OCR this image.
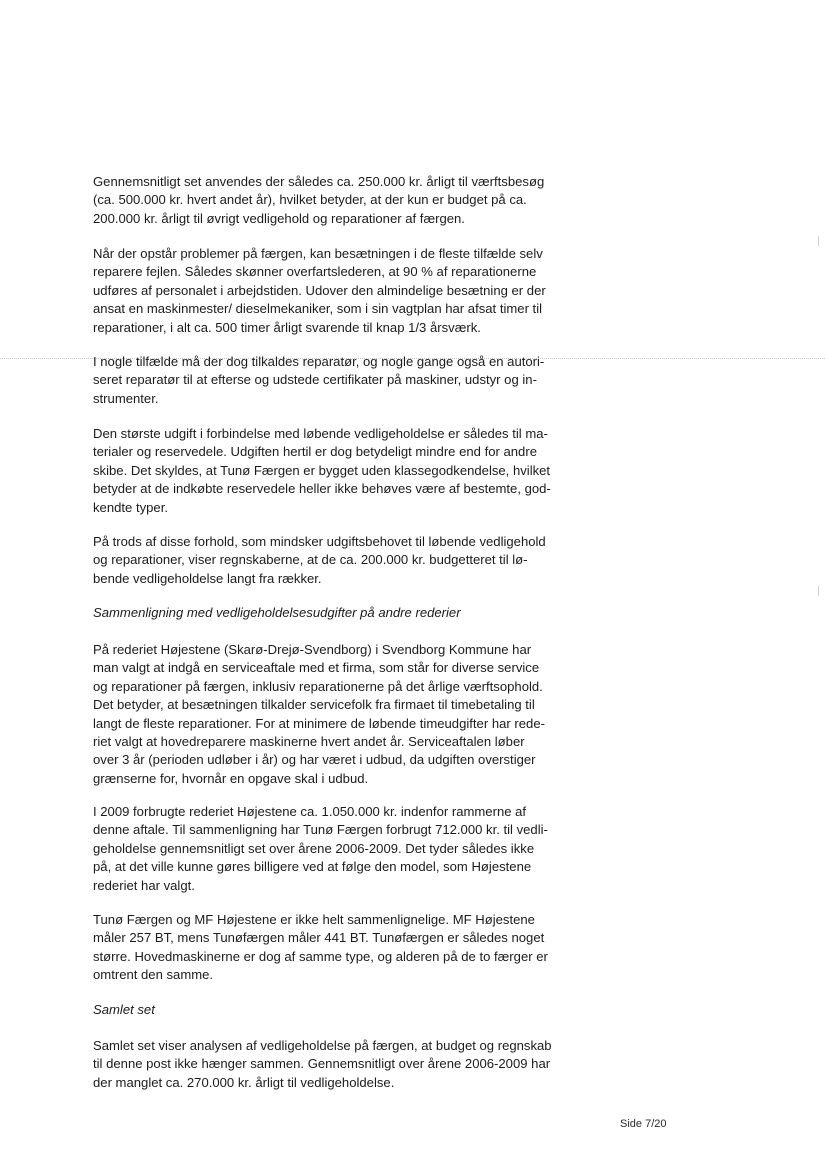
Gennemsnitligt set anvendes der således ca. 250.000 kr. årligt til værftsbesøg
(ca. 500.000 kr. hvert andet år), hvilket betyder, at der kun er budget på ca.
200.000 kr. årligt til øvrigt vedligehold og reparationer af færgen.

Når der opstår problemer på færgen, kan besætningen i de fleste tilfælde selv
reparere fejlen. Således skønner overfartslederen, at 90 % af reparationerne
udføres af personalet i arbejdstiden. Udover den almindelige besætning er der
ansat en maskinmester/ dieselmekaniker, som i sin vagtplan har afsat timer til
reparationer, i alt ca. 500 timer årligt svarende til knap 1/3 årsværk.

I nogle tilfælde må der dog tilkaldes reparatør, og nogle gange også en autori-
seret reparatør til at efterse og udstede certifikater på maskiner, udstyr og in-
strumenter.

Den største udgift i forbindelse med løbende vedligeholdelse er således til ma-
terialer og reservedele. Udgiften hertil er dog betydeligt mindre end for andre
skibe. Det skyldes, at Tunø Færgen er bygget uden klassegodkendelse, hvilket
betyder at de indkøbte reservedele heller ikke behøves være af bestemte, god-
kendte typer.

På trods af disse forhold, som mindsker udgiftsbehovet til løbende vedligehold
og reparationer, viser regnskaberne, at de ca. 200.000 kr. budgetteret til lø-
bende vedligeholdelse langt fra rækker.

Sammenligning med vedligeholdelsesudgifter på andre rederier

På rederiet Højestene (Skarø-Drejø-Svendborg) i Svendborg Kommune har
man valgt at indgå en serviceaftale med et firma, som står for diverse service
og reparationer på færgen, inklusiv reparationerne på det årlige værftsophold.
Det betyder, at besætningen tilkalder servicefolk fra firmaet til timebetaling til
langt de fleste reparationer. For at minimere de løbende timeudgifter har rede-
riet valgt at hovedreparere maskinerne hvert andet år. Serviceaftalen løber
over 3 år (perioden udløber i år) og har været i udbud, da udgiften overstiger
grænserne for, hvornår en opgave skal i udbud.

I 2009 forbrugte rederiet Højestene ca. 1.050.000 kr. indenfor rammerne af
denne aftale. Til sammenligning har Tunø Færgen forbrugt 712.000 kr. til vedli-
geholdelse gennemsnitligt set over årene 2006-2009. Det tyder således ikke
på, at det ville kunne gøres billigere ved at følge den model, som Højestene
rederiet har valgt.

Tunø Færgen og MF Højestene er ikke helt sammenlignelige. MF Højestene
måler 257 BT, mens Tunøfærgen måler 441 BT. Tunøfærgen er således noget
større. Hovedmaskinerne er dog af samme type, og alderen på de to færger er
omtrent den samme.

Samlet set

Samlet set viser analysen af vedligeholdelse på færgen, at budget og regnskab
til denne post ikke hænger sammen. Gennemsnitligt over årene 2006-2009 har
der manglet ca. 270.000 kr. årligt til vedligeholdelse.

Side 7/20
